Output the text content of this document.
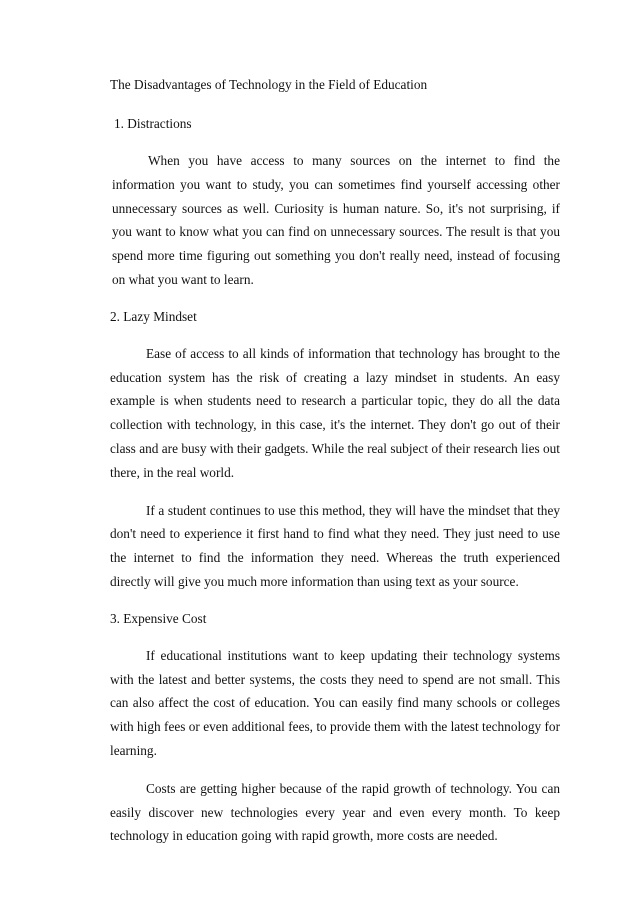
The Disadvantages of Technology in the Field of Education
1. Distractions

When you have access to many sources on the internet to find the information you want to study, you can sometimes find yourself accessing other unnecessary sources as well. Curiosity is human nature. So, it's not surprising, if you want to know what you can find on unnecessary sources. The result is that you spend more time figuring out something you don't really need, instead of focusing on what you want to learn.

2. Lazy Mindset

Ease of access to all kinds of information that technology has brought to the education system has the risk of creating a lazy mindset in students. An easy example is when students need to research a particular topic, they do all the data collection with technology, in this case, it's the internet. They don't go out of their class and are busy with their gadgets. While the real subject of their research lies out there, in the real world.

If a student continues to use this method, they will have the mindset that they don't need to experience it first hand to find what they need. They just need to use the internet to find the information they need. Whereas the truth experienced directly will give you much more information than using text as your source.

3. Expensive Cost

If educational institutions want to keep updating their technology systems with the latest and better systems, the costs they need to spend are not small. This can also affect the cost of education. You can easily find many schools or colleges with high fees or even additional fees, to provide them with the latest technology for learning.

Costs are getting higher because of the rapid growth of technology. You can easily discover new technologies every year and even every month. To keep technology in education going with rapid growth, more costs are needed.
